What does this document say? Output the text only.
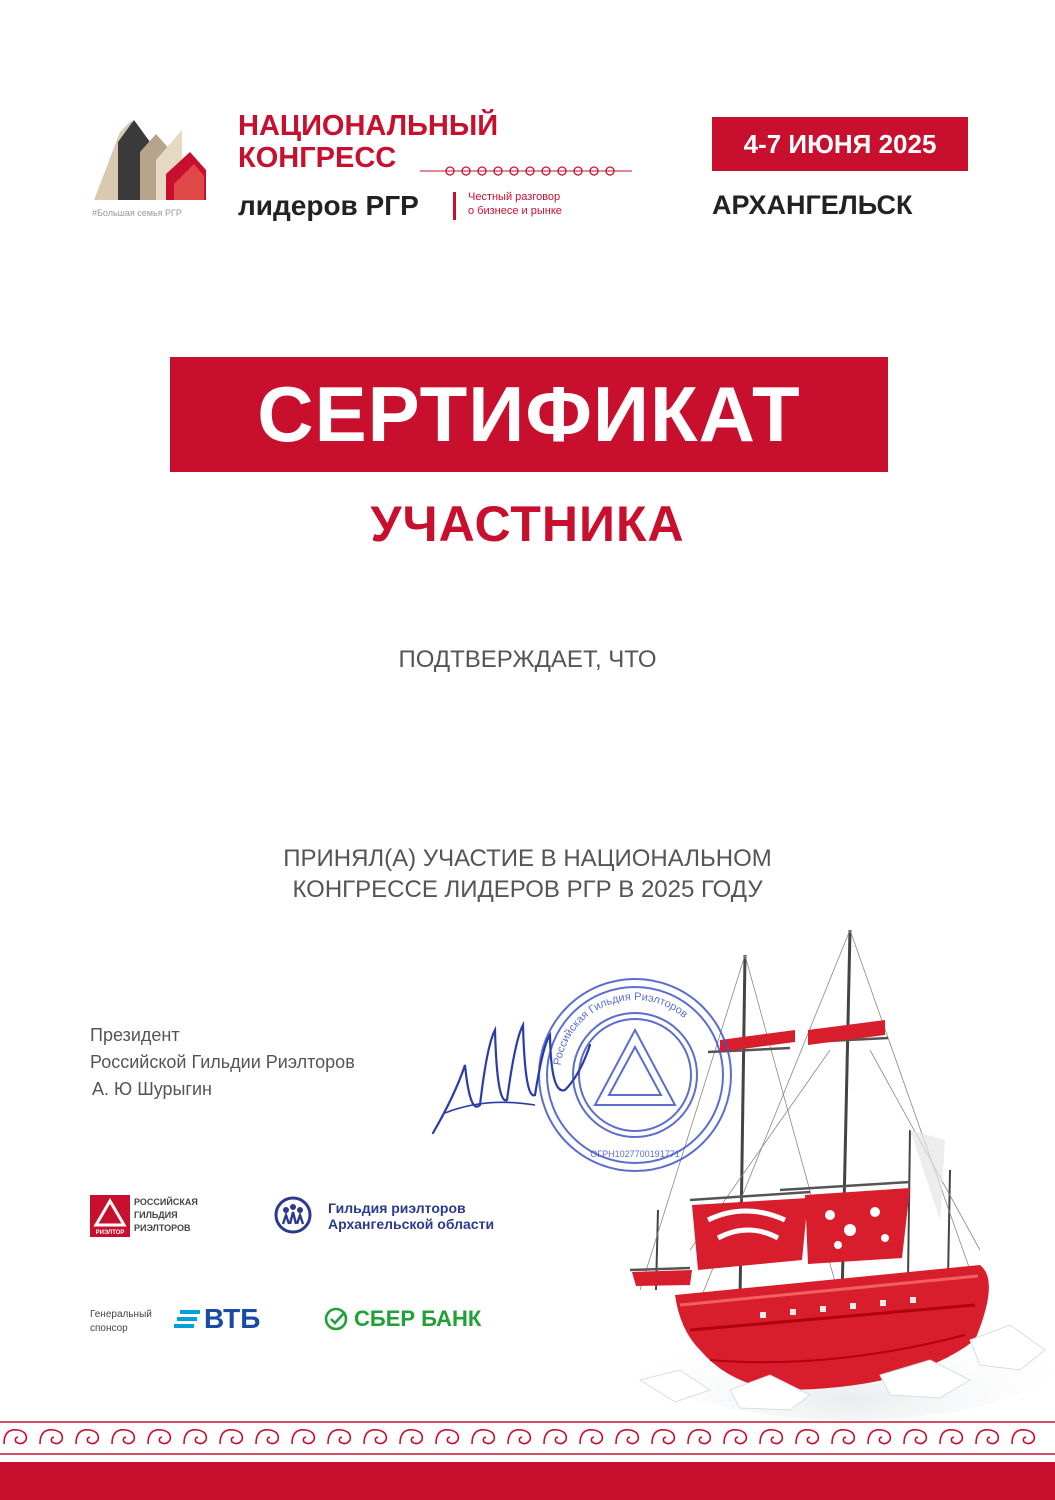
#Большая семья РГР
НАЦИОНАЛЬНЫЙ
КОНГРЕСС
лидеров РГР	Честный разговор
о бизнесе и рынке
4-7 ИЮНЯ 2025
АРХАНГЕЛЬСК
СЕРТИФИКАТ
УЧАСТНИКА
ПОДТВЕРЖДАЕТ, ЧТО
ПРИНЯЛ(А) УЧАСТИЕ В НАЦИОНАЛЬНОМ
КОНГРЕССЕ ЛИДЕРОВ РГР В 2025 ГОДУ
Президент
Российской Гильдии Риэлторов
А. Ю Шурыгин
Российская Гильдия Риэлторов
ОГРН1027700191771
РИЭЛТОР
РОССИЙСКАЯ
ГИЛЬДИЯ
РИЭЛТОРОВ
Гильдия риэлторов
Архангельской области
Генеральный
спонсор	ВТБ	СБЕР БАНК
